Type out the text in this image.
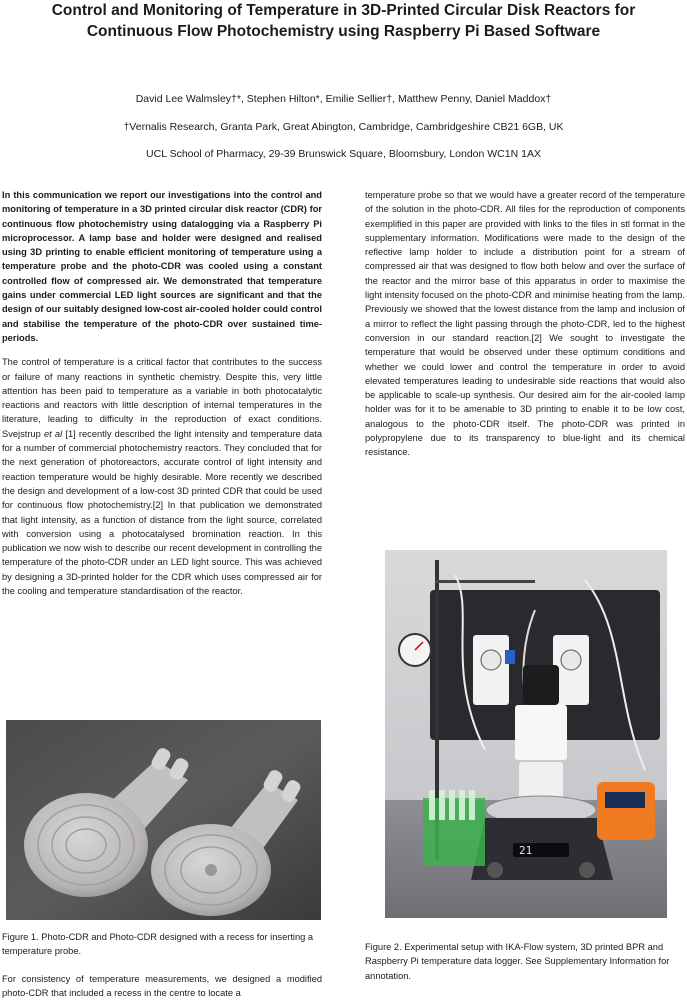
Control and Monitoring of Temperature in 3D-Printed Circular Disk Reactors for
Continuous Flow Photochemistry using Raspberry Pi Based Software
David Lee Walmsley†*, Stephen Hilton*, Emilie Sellier†, Matthew Penny, Daniel Maddox†
†Vernalis Research, Granta Park, Great Abington, Cambridge, Cambridgeshire CB21 6GB, UK
UCL School of Pharmacy, 29-39 Brunswick Square, Bloomsbury, London WC1N 1AX

In this communication we report our investigations into the control and monitoring of temperature in a 3D printed circular disk reactor (CDR) for continuous flow photochemistry using datalogging via a Raspberry Pi microprocessor. A lamp base and holder were designed and realised using 3D printing to enable efficient monitoring of temperature using a temperature probe and the photo-CDR was cooled using a constant controlled flow of compressed air. We demonstrated that temperature gains under commercial LED light sources are significant and that the design of our suitably designed low-cost air-cooled holder could control and stabilise the temperature of the photo-CDR over sustained time-periods.

The control of temperature is a critical factor that contributes to the success or failure of many reactions in synthetic chemistry. Despite this, very little attention has been paid to temperature as a variable in both photocatalytic reactions and reactors with little description of internal temperatures in the literature, leading to difficulty in the reproduction of exact conditions. Svejstrup et al [1] recently described the light intensity and temperature data for a number of commercial photochemistry reactors. They concluded that for the next generation of photoreactors, accurate control of light intensity and reaction temperature would be highly desirable. More recently we described the design and development of a low-cost 3D printed CDR that could be used for continuous flow photochemistry.[2] In that publication we demonstrated that light intensity, as a function of distance from the light source, correlated with conversion using a photocatalysed bromination reaction. In this publication we now wish to describe our recent development in controlling the temperature of the photo-CDR under an LED light source. This was achieved by designing a 3D-printed holder for the CDR which uses compressed air for the cooling and temperature standardisation of the reactor.

Figure 1. Photo-CDR and Photo-CDR designed with a recess for inserting a temperature probe.
For consistency of temperature measurements, we designed a modified photo-CDR that included a recess in the centre to locate a

temperature probe so that we would have a greater record of the temperature of the solution in the photo-CDR. All files for the reproduction of components exemplified in this paper are provided with links to the files in stl format in the supplementary information. Modifications were made to the design of the reflective lamp holder to include a distribution point for a stream of compressed air that was designed to flow both below and over the surface of the reactor and the mirror base of this apparatus in order to maximise the light intensity focused on the photo-CDR and minimise heating from the lamp. Previously we showed that the lowest distance from the lamp and inclusion of a mirror to reflect the light passing through the photo-CDR, led to the highest conversion in our standard reaction.[2] We sought to investigate the temperature that would be observed under these optimum conditions and whether we could lower and control the temperature in order to avoid elevated temperatures leading to undesirable side reactions that would also be applicable to scale-up synthesis. Our desired aim for the air-cooled lamp holder was for it to be amenable to 3D printing to enable it to be low cost, analogous to the photo-CDR itself. The photo-CDR was printed in polypropylene due to its transparency to blue-light and its chemical resistance.

21
Figure 2. Experimental setup with IKA-Flow system, 3D printed BPR and Raspberry Pi temperature data logger. See Supplementary Information for annotation.
